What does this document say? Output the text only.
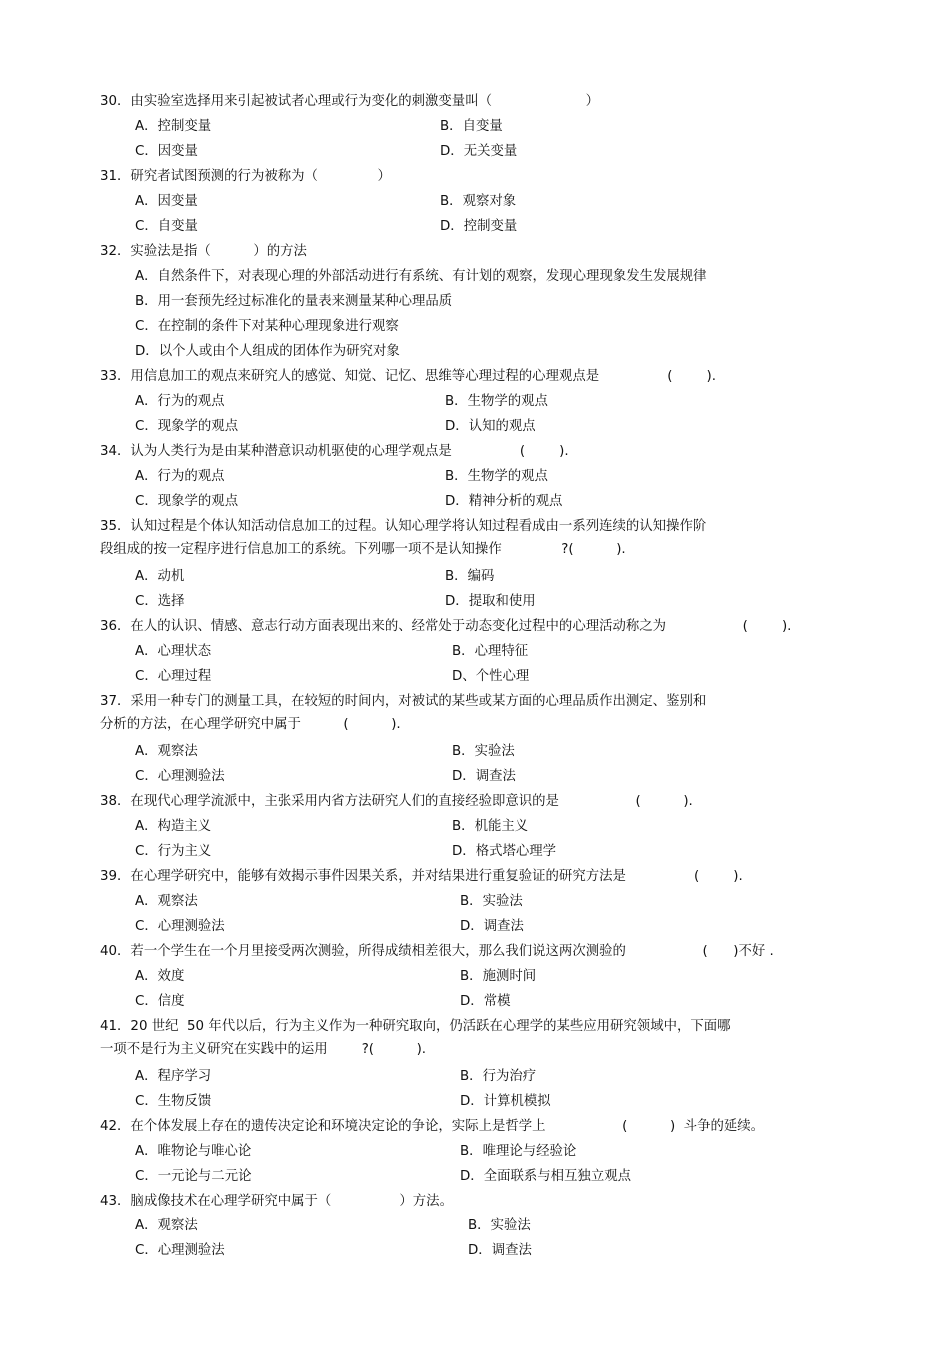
30．由实验室选择用来引起被试者心理或行为变化的刺激变量叫（                      ）
A．控制变量	B．自变量
C．因变量	D．无关变量
31．研究者试图预测的行为被称为（              ）
A．因变量	B．观察对象
C．自变量	D．控制变量
32．实验法是指（          ）的方法
A．自然条件下，对表现心理的外部活动进行有系统、有计划的观察，发现心理现象发生发展规律
B．用一套预先经过标准化的量表来测量某种心理品质
C．在控制的条件下对某种心理现象进行观察
D．以个人或由个人组成的团体作为研究对象
33．用信息加工的观点来研究人的感觉、知觉、记忆、思维等心理过程的心理观点是                (        ).
A．行为的观点	B．生物学的观点
C．现象学的观点	D．认知的观点
34．认为人类行为是由某种潜意识动机驱使的心理学观点是                (        ).
A．行为的观点	B．生物学的观点
C．现象学的观点	D．精神分析的观点
35．认知过程是个体认知活动信息加工的过程。认知心理学将认知过程看成由一系列连续的认知操作阶
段组成的按一定程序进行信息加工的系统。下列哪一项不是认知操作              ?(          ).
A．动机	B．编码
C．选择	D．提取和使用
36．在人的认识、情感、意志行动方面表现出来的、经常处于动态变化过程中的心理活动称之为                  (        ).
A．心理状态	B．心理特征
C．心理过程	D、个性心理
37．采用一种专门的测量工具，在较短的时间内，对被试的某些或某方面的心理品质作出测定、鉴别和
分析的方法，在心理学研究中属于          (          ).
A．观察法	B．实验法
C．心理测验法	D．调查法
38．在现代心理学流派中，主张采用内省方法研究人们的直接经验即意识的是                  (          ).
A．构造主义	B．机能主义
C．行为主义	D．格式塔心理学
39．在心理学研究中，能够有效揭示事件因果关系，并对结果进行重复验证的研究方法是                (        ).
A．观察法	B．实验法
C．心理测验法	D．调查法
40．若一个学生在一个月里接受两次测验，所得成绩相差很大，那么我们说这两次测验的                  (      )不好 .
A．效度	B．施测时间
C．信度	D．常模
41．20 世纪  50 年代以后，行为主义作为一种研究取向，仍活跃在心理学的某些应用研究领域中，下面哪
一项不是行为主义研究在实践中的运用        ?(          ).
A．程序学习	B．行为治疗
C．生物反馈	D．计算机模拟
42．在个体发展上存在的遗传决定论和环境决定论的争论，实际上是哲学上                  (          )  斗争的延续。
A．唯物论与唯心论	B．唯理论与经验论
C．一元论与二元论	D．全面联系与相互独立观点
43．脑成像技术在心理学研究中属于（                ）方法。
A．观察法	B．实验法
C．心理测验法	D．调查法
